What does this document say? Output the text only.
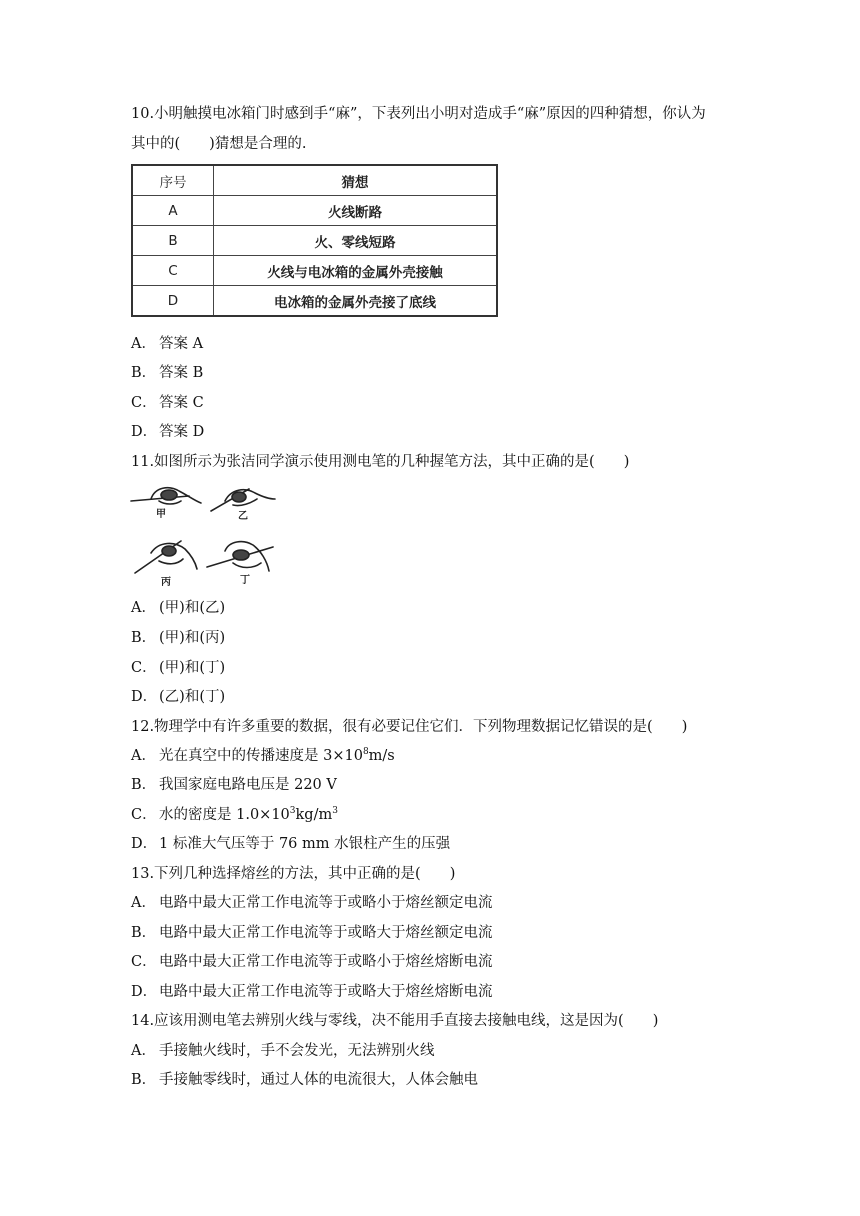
10.小明触摸电冰箱门时感到手“麻”，下表列出小明对造成手“麻”原因的四种猜想，你认为
其中的(　　)猜想是合理的.
序号	猜想
A	火线断路
B	火、零线短路
C	火线与电冰箱的金属外壳接触
D	电冰箱的金属外壳接了底线
A． 答案 A
B． 答案 B
C． 答案 C
D． 答案 D
11.如图所示为张洁同学演示使用测电笔的几种握笔方法，其中正确的是(　　)
甲	乙
丙	丁
A． (甲)和(乙)
B． (甲)和(丙)
C． (甲)和(丁)
D． (乙)和(丁)
12.物理学中有许多重要的数据，很有必要记住它们．下列物理数据记忆错误的是(　　)
A． 光在真空中的传播速度是 $3\times 10^8m/s$
B． 我国家庭电路电压是 220 V
C． 水的密度是 $1.0\times 10^3kg/m^3$
D． 1 标准大气压等于 76 mm 水银柱产生的压强
13.下列几种选择熔丝的方法，其中正确的是(　　)
A． 电路中最大正常工作电流等于或略小于熔丝额定电流
B． 电路中最大正常工作电流等于或略大于熔丝额定电流
C． 电路中最大正常工作电流等于或略小于熔丝熔断电流
D． 电路中最大正常工作电流等于或略大于熔丝熔断电流
14.应该用测电笔去辨别火线与零线，决不能用手直接去接触电线，这是因为(　　)
A． 手接触火线时，手不会发光，无法辨别火线
B． 手接触零线时，通过人体的电流很大，人体会触电
